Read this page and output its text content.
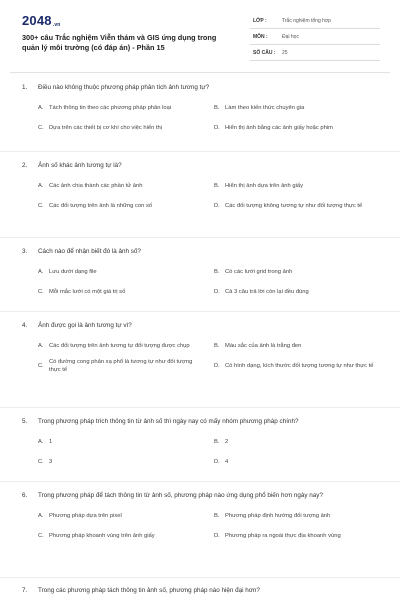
2048.vn
300+ câu Trắc nghiệm Viễn thám và GIS ứng dụng trong quản lý môi trường (có đáp án) - Phần 15
LỚP :	Trắc nghiệm tổng hợp
MÔN :	Đại học
SỐ CÂU : 25
1.	Điều nào không thuộc phương pháp phân tích ảnh tương tự?
A. Tách thông tin theo các phương pháp phân loại	B. Làm theo kiến thức chuyên gia
C. Dựa trên các thiết bị cơ khí cho việc hiển thị	D. Hiển thị ảnh bằng các ảnh giấy hoặc phim
2.	Ảnh số khác ảnh tương tự là?
A. Các ảnh chia thành các phần tử ảnh	B. Hiển thị ảnh dựa trên ảnh giấy
C. Các đối tượng trên ảnh là những con số	D. Các đối tượng không tương tự như đối tượng thực tế
3.	Cách nào để nhận biết đó là ảnh số?
A. Lưu dưới dạng file	B. Có các lưới grid trong ảnh
C. Mỗi mắc lưới có một giá trị số	D. Cả 3 câu trả lời còn lại đều đúng
4.	Ảnh được gọi là ảnh tương tự vì?
A. Các đối tượng trên ảnh tương tự đối tượng được chụp	B. Màu sắc của ảnh là trắng đen
C.
Có đường cong phản xạ phổ là tương tự như đối tượng thực tế
D. Có hình dạng, kích thước đối tượng tương tự như thực tế
5.	Trong phương pháp trích thông tin từ ảnh số thì ngày nay có mấy nhóm phương pháp chính?
A. 1	B. 2
C. 3	D. 4
6.	Trong phương pháp để tách thông tin từ ảnh số, phương pháp nào ứng dụng phổ biến hơn ngày nay?
A. Phương pháp dựa trên pixel	B. Phương pháp định hướng đối tượng ảnh
C. Phương pháp khoanh vùng trên ảnh giấy	D. Phương pháp ra ngoài thực địa khoanh vùng
7.	Trong các phương pháp tách thông tin ảnh số, phương pháp nào hiện đại hơn?
